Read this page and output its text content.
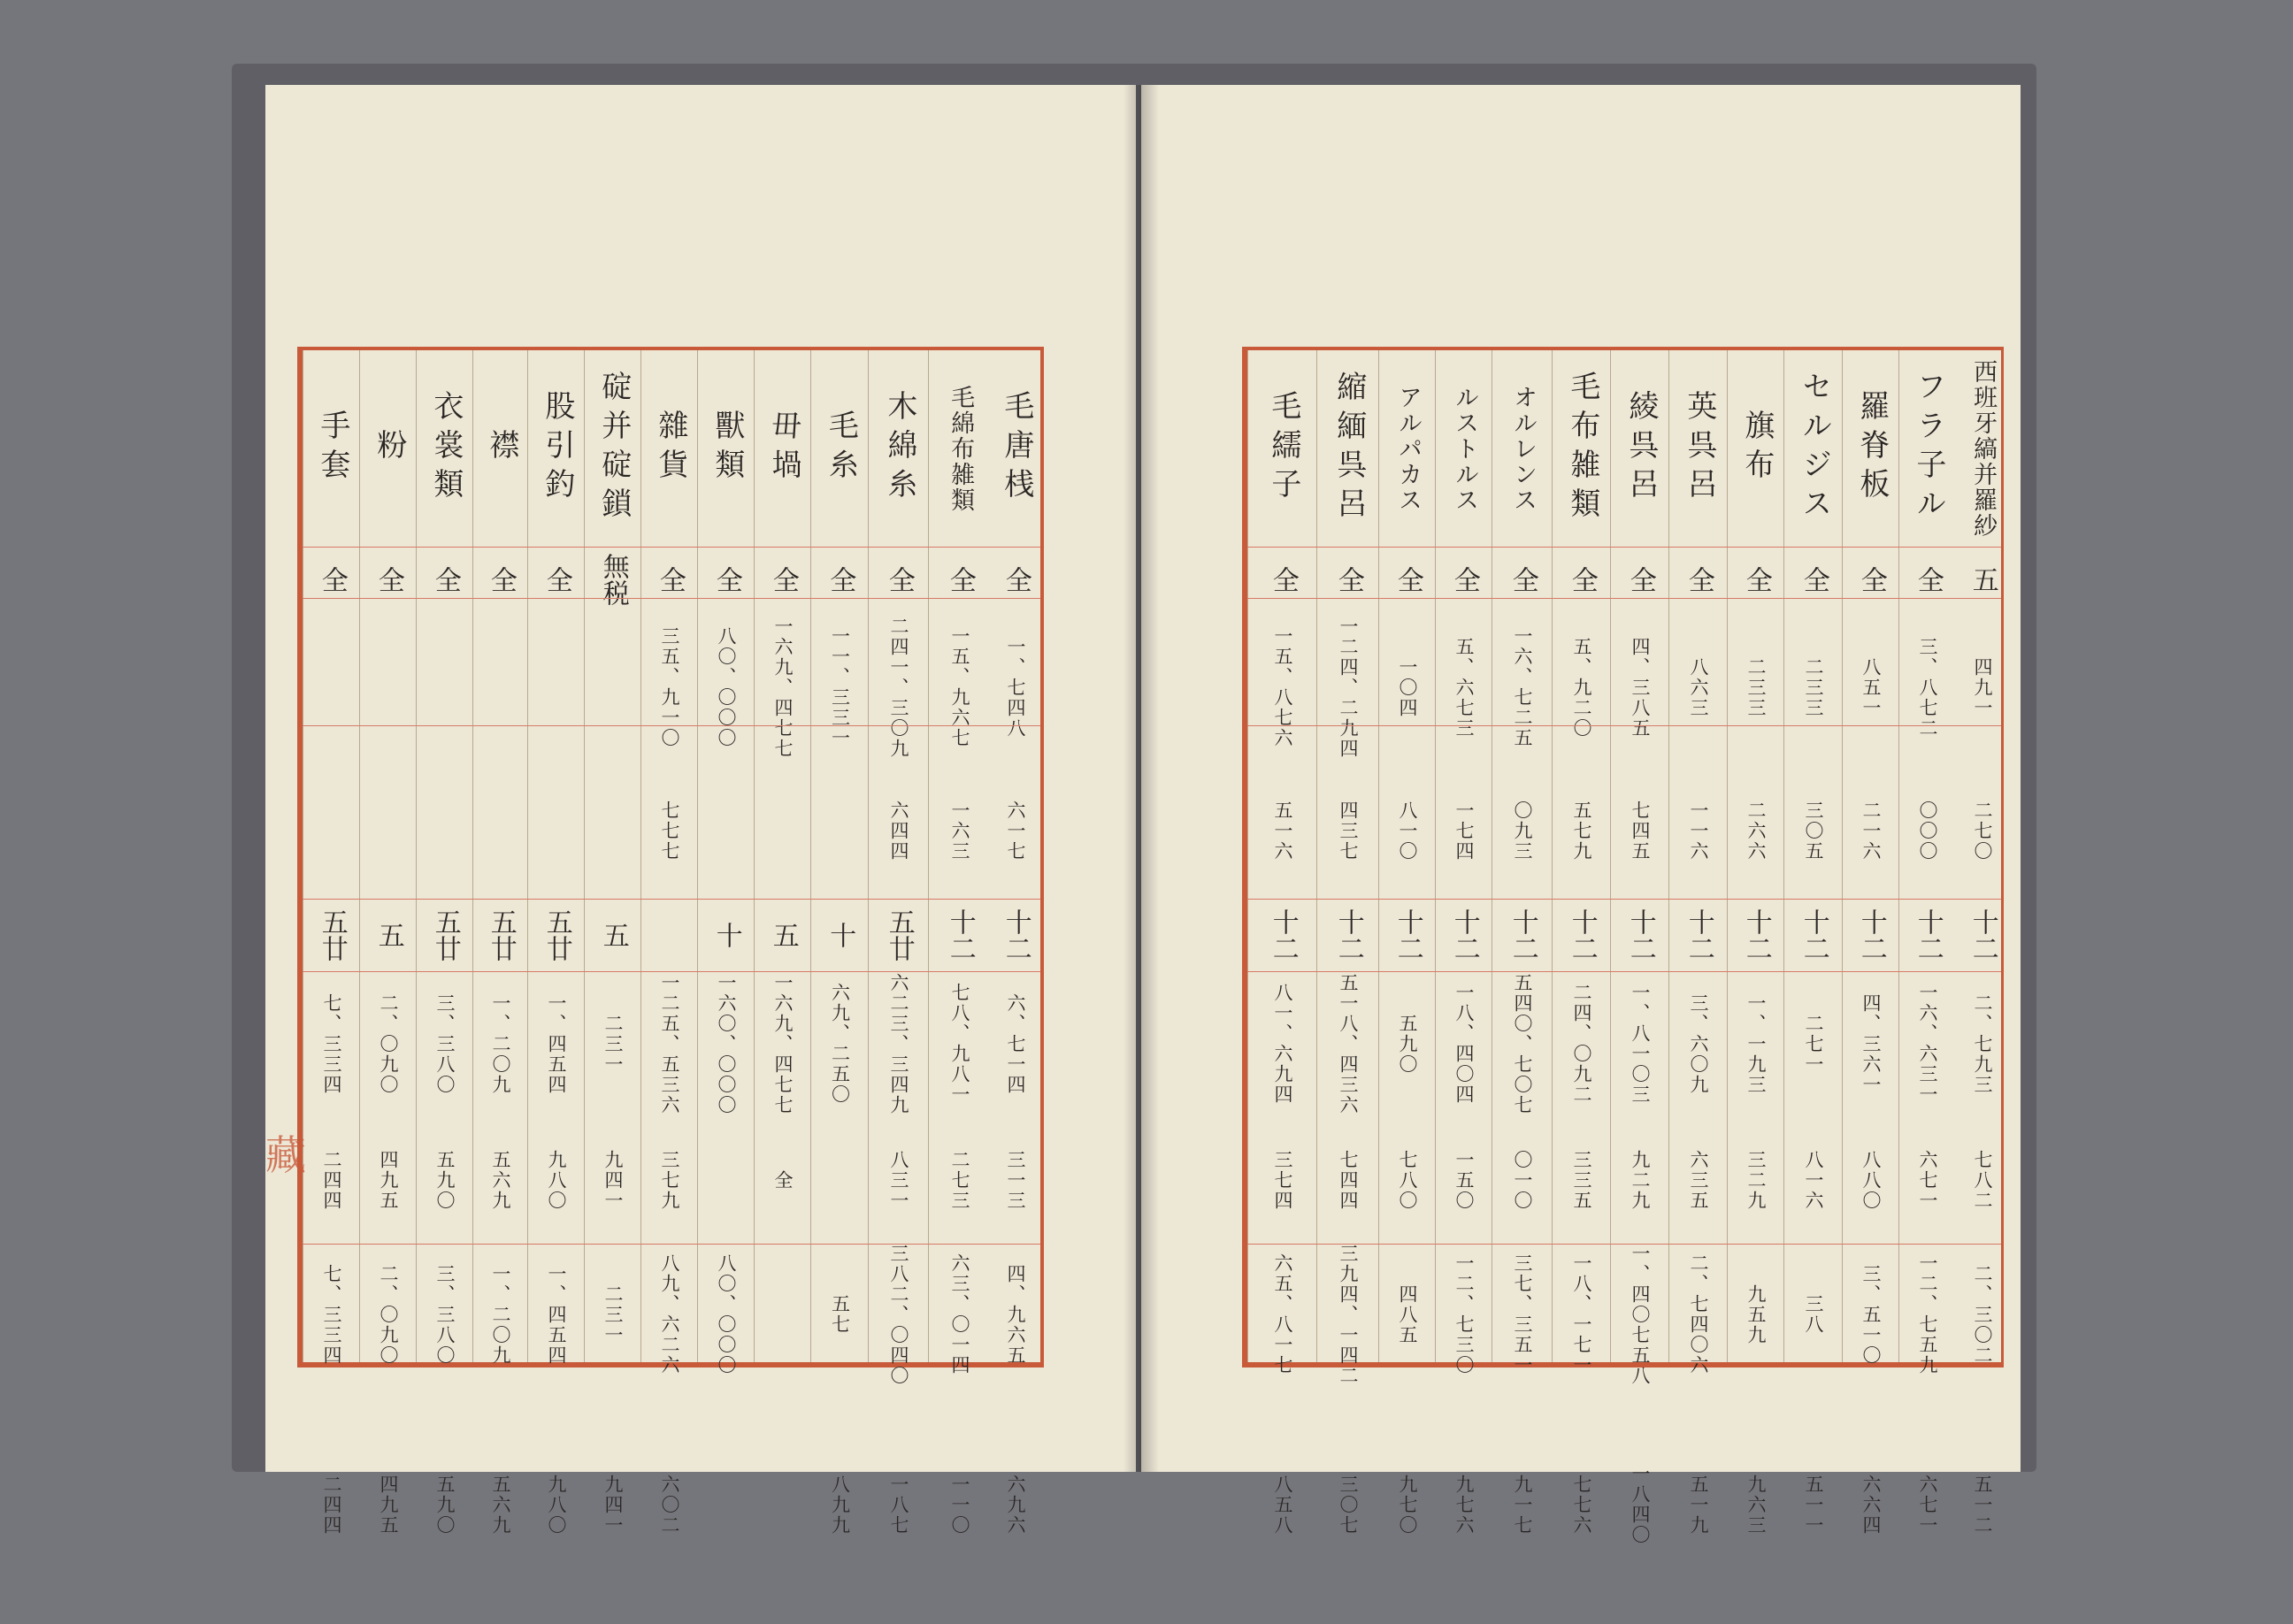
毛唐桟
全
一、七四八
六一七
十二
六、七一四
三一三
四、九六五
六九六
毛綿布雑類
全
一五、九六七
一六三
十二
七八、九八一
二七三
六三、〇一四
一一〇
木綿糸
全
二四一、三〇九
六四四
五廿
六二三、三四九
八三一
三八二、〇四〇
一八七
毛糸
全
一一、三三一
十
六九、二五〇
五七
八九九
毌堝
全
一六九、四七七
五
一六九、四七七
全
獸類
全
八〇、〇〇〇
十
一六〇、〇〇〇
八〇、〇〇〇
雜貨
全
三五、九一〇
七七七
一二五、五三六
三七九
八九、六二六
六〇二
碇并碇鎖
無税
五
二三一
九四一
二三一
九四一
股引釣
全
五廿
一、四五四
九八〇
一、四五四
九八〇
襟
全
五廿
一、二〇九
五六九
一、二〇九
五六九
衣裳類
全
五廿
三、三八〇
五九〇
三、三八〇
五九〇
粉
全
五
二、〇九〇
四九五
二、〇九〇
四九五
手套
全
五廿
七、三三四
二四四
七、三三四
二四四
西班牙縞并羅紗
五
四九一
二七〇
十二
二、七九三
七八二
二、三〇二
五一二
フラ子ル
全
三、八七二
〇〇〇
十二
一六、六三一
六七一
一二、七五九
六七一
羅脊板
全
八五一
二一六
十二
四、三六一
八八〇
三、五一〇
六六四
セルジス
全
二三三
三〇五
十二
二七一
八一六
三八
五一一
旗布
全
二三三
二六六
十二
一、一九三
三二九
九五九
九六三
英呉呂
全
八六三
一一六
十二
三、六〇九
六三五
二、七四〇六
五一九
綾呉呂
全
四、三八五
七四五
十二
一、八一〇三
九二九
一、四〇七五八
一八四〇
毛布雑類
全
五、九二〇
五七九
十二
二四、〇九二
三三五
一八、一七一
七七六
オルレンス
全
一六、七二五
〇九三
十二
五四〇、七〇七
〇一〇
三七、三五一
九一七
ルストルス
全
五、六七三
一七四
十二
一八、四〇四
一五〇
一二、七三〇
九七六
アルパカス
全
一〇四
八一〇
十二
五九〇
七八〇
四八五
九七〇
縮緬呉呂
全
一二四、二九四
四三七
十二
五一八、四三六
七四四
三九四、一四二
三〇七
毛繻子
全
一五、八七六
五一六
十二
八一、六九四
三七四
六五、八一七
八五八
藏
